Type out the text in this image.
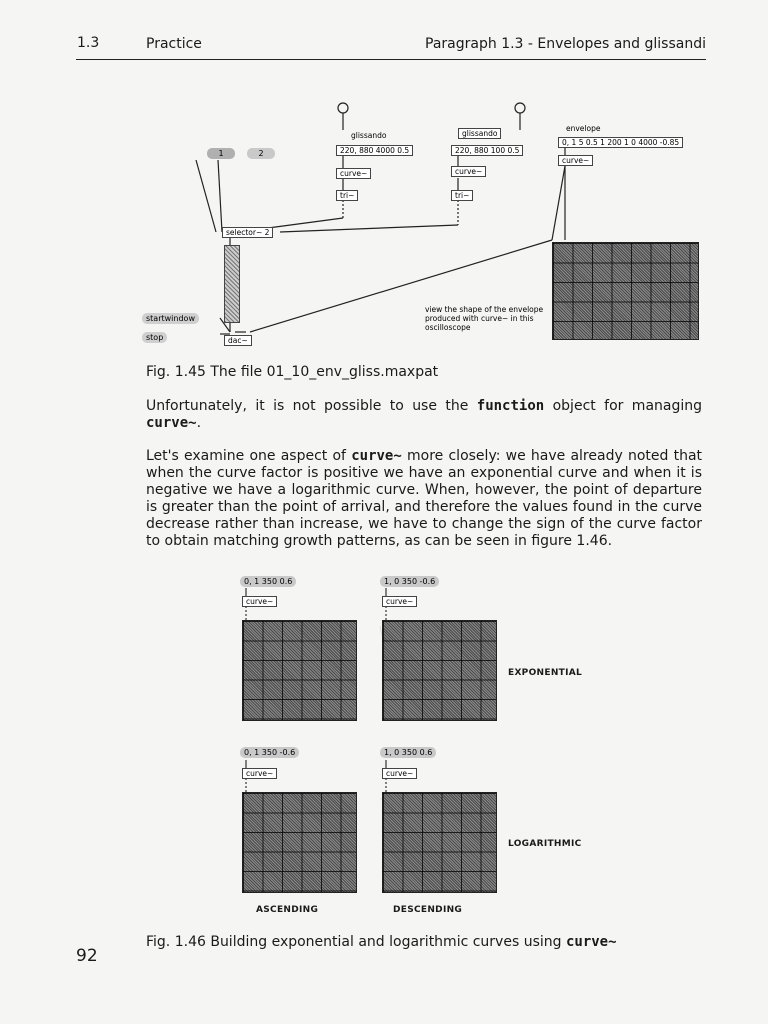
1.3	Practice	Paragraph 1.3 - Envelopes and glissandi
glissando
220, 880 4000 0.5
curve~
tri~
glissando
220, 880 100 0.5
curve~
tri~
envelope
0, 1 5 0.5 1 200 1 0 4000 -0.85
curve~
1	2
selector~ 2
startwindow
stop	dac~
view the shape of the envelope produced with curve~ in this oscilloscope
Fig. 1.45 The file 01_10_env_gliss.maxpat
Unfortunately, it is not possible to use the function object for managing curve~.
Let's examine one aspect of curve~ more closely: we have already noted that when the curve factor is positive we have an exponential curve and when it is negative we have a logarithmic curve. When, however, the point of departure is greater than the point of arrival, and therefore the values found in the curve decrease rather than increase, we have to change the sign of the curve factor to obtain matching growth patterns, as can be seen in figure 1.46.
0, 1 350 0.6
curve~
1, 0 350 -0.6
curve~
EXPONENTIAL
0, 1 350 -0.6
curve~
1, 0 350 0.6
curve~
LOGARITHMIC
ASCENDING	DESCENDING

Fig. 1.46 Building exponential and logarithmic curves using curve~
92
